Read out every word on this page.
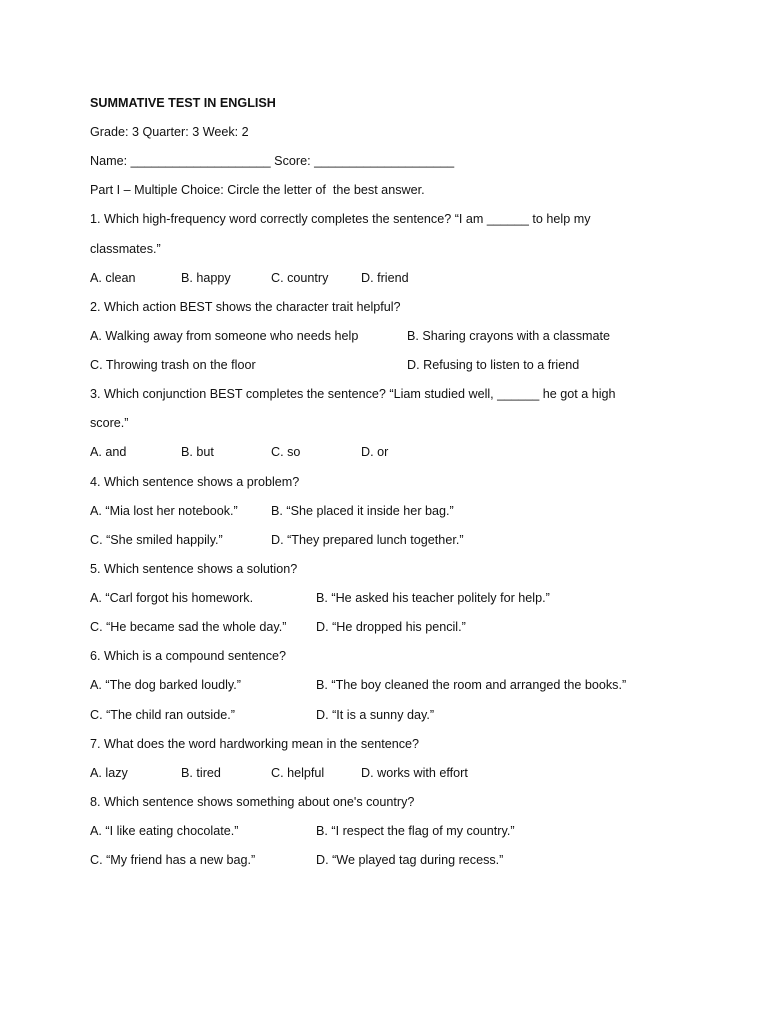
SUMMATIVE TEST IN ENGLISH
Grade: 3 Quarter: 3 Week: 2
Name: ____________________ Score: ____________________
Part I – Multiple Choice: Circle the letter of  the best answer.
1. Which high-frequency word correctly completes the sentence? “I am ______ to help my
classmates.”
A. clean	B. happy	C. country	D. friend
2. Which action BEST shows the character trait helpful?
A. Walking away from someone who needs help	B. Sharing crayons with a classmate
C. Throwing trash on the floor	D. Refusing to listen to a friend
3. Which conjunction BEST completes the sentence? “Liam studied well, ______ he got a high
score.”
A. and	B. but	C. so	D. or
4. Which sentence shows a problem?
A. “Mia lost her notebook.”	B. “She placed it inside her bag.”
C. “She smiled happily.”	D. “They prepared lunch together.”
5. Which sentence shows a solution?
A. “Carl forgot his homework.	B. “He asked his teacher politely for help.”
C. “He became sad the whole day.” D. “He dropped his pencil.”
6. Which is a compound sentence?
A. “The dog barked loudly.”	B. “The boy cleaned the room and arranged the books.”
C. “The child ran outside.”	D. “It is a sunny day.”
7. What does the word hardworking mean in the sentence?
A. lazy	B. tired	C. helpful	D. works with effort
8. Which sentence shows something about one's country?
A. “I like eating chocolate.”	B. “I respect the flag of my country.”
C. “My friend has a new bag.”	D. “We played tag during recess.”
